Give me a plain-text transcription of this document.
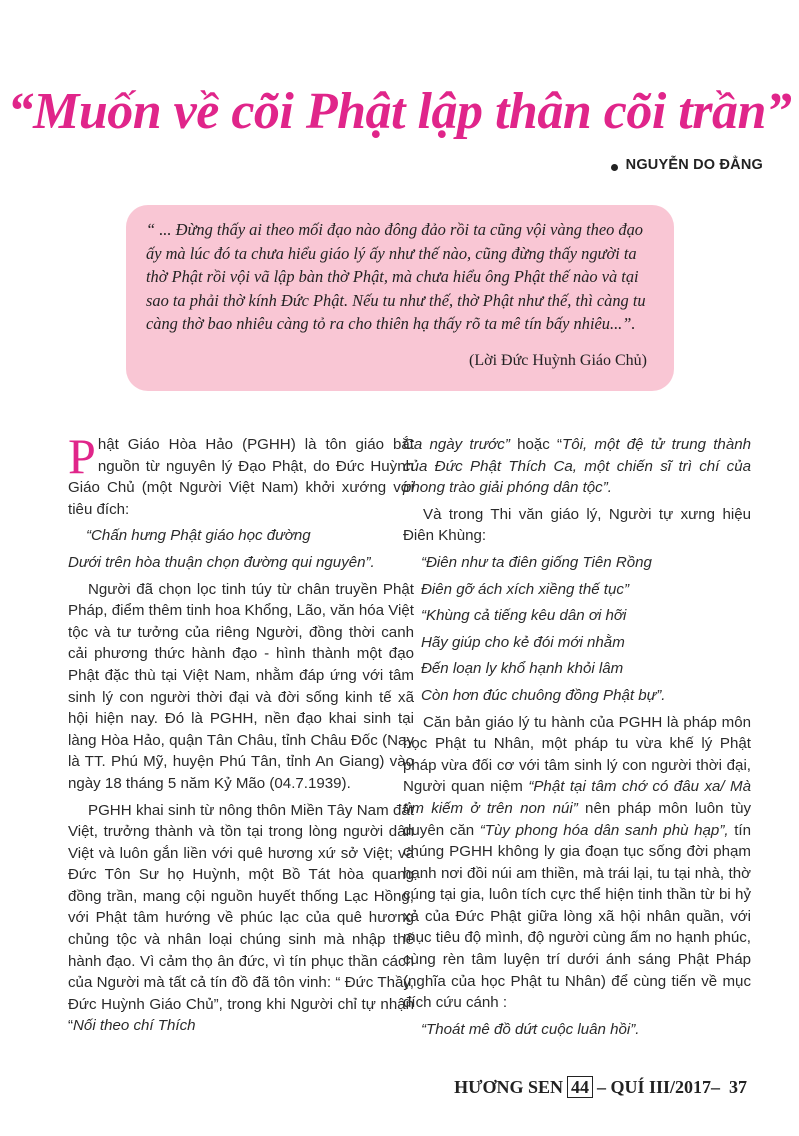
“Muốn về cõi Phật lập thân cõi trần”
NGUYỄN DO ĐẲNG

“ ... Đừng thấy ai theo mối đạo nào đông đảo rồi ta cũng vội vàng theo đạo ấy mà lúc đó ta chưa hiểu giáo lý ấy như thế nào, cũng đừng thấy người ta thờ Phật rồi vội vã lập bàn thờ Phật, mà chưa hiểu ông Phật thế nào và tại sao ta phải thờ kính Đức Phật. Nếu tu như thế, thờ Phật như thế, thì càng tu càng thờ bao nhiêu càng tỏ ra cho thiên hạ thấy rõ ta mê tín bấy nhiêu...”.

(Lời Đức Huỳnh Giáo Chủ)

Phật Giáo Hòa Hảo (PGHH) là tôn giáo bắt nguồn từ nguyên lý Đạo Phật, do Đức Huỳnh Giáo Chủ (một Người Việt Nam) khởi xướng với tiêu đích:

“Chấn hưng Phật giáo học đường

Dưới trên hòa thuận chọn đường qui nguyên”.

Người đã chọn lọc tinh túy từ chân truyền Phật Pháp, điểm thêm tinh hoa Khổng, Lão, văn hóa Việt tộc và tư tưởng của riêng Người, đồng thời canh cải phương thức hành đạo - hình thành một đạo Phật đặc thù tại Việt Nam, nhằm đáp ứng với tâm sinh lý con người thời đại và đời sống kinh tế xã hội hiện nay. Đó là PGHH, nền đạo khai sinh tại làng Hòa Hảo, quận Tân Châu, tỉnh Châu Đốc (Nay là TT. Phú Mỹ, huyện Phú Tân, tỉnh An Giang) vào ngày 18 tháng 5 năm Kỷ Mão (04.7.1939).

PGHH khai sinh từ nông thôn Miền Tây Nam đất Việt, trưởng thành và tồn tại trong lòng người dân Việt và luôn gắn liền với quê hương xứ sở Việt; và Đức Tôn Sư họ Huỳnh, một Bồ Tát hòa quang đồng trần, mang cội nguồn huyết thống Lạc Hồng, với Phật tâm hướng về phúc lạc của quê hương chủng tộc và nhân loại chúng sinh mà nhập thế hành đạo. Vì cảm thọ ân đức, vì tín phục thần cách của Người mà tất cả tín đồ đã tôn vinh: “ Đức Thầy, Đức Huỳnh Giáo Chủ”, trong khi Người chỉ tự nhận “Nối theo chí Thích

Ca ngày trước” hoặc “Tôi, một đệ tử trung thành của Đức Phật Thích Ca, một chiến sĩ trì chí của phong trào giải phóng dân tộc”.

Và trong Thi văn giáo lý, Người tự xưng hiệu Điên Khùng:

“Điên như ta điên giống Tiên Rồng

Điên gỡ ách xích xiềng thế tục”

“Khùng cả tiếng kêu dân ơi hỡi

Hãy giúp cho kẻ đói mới nhằm

Đến loạn ly khổ hạnh khỏi lâm

Còn hơn đúc chuông đồng Phật bự”.

Căn bản giáo lý tu hành của PGHH là pháp môn học Phật tu Nhân, một pháp tu vừa khế lý Phật pháp vừa đối cơ với tâm sinh lý con người thời đại, Người quan niệm “Phật tại tâm chớ có đâu xa/ Mà tìm kiếm ở trên non núi” nên pháp môn luôn tùy duyên căn “Tùy phong hóa dân sanh phù hạp”, tín chúng PGHH không ly gia đoạn tục sống đời phạm hạnh nơi đồi núi am thiền, mà trái lại, tu tại nhà, thờ cúng tại gia, luôn tích cực thể hiện tinh thần từ bi hỷ xả của Đức Phật giữa lòng xã hội nhân quần, với mục tiêu độ mình, độ người cùng ấm no hạnh phúc, cùng rèn tâm luyện trí dưới ánh sáng Phật Pháp (nghĩa của học Phật tu Nhân) để cùng tiến về mục đích cứu cánh :

“Thoát mê đồ dứt cuộc luân hồi”.

HƯƠNG SEN 44 – QUÍ III/2017– 37
